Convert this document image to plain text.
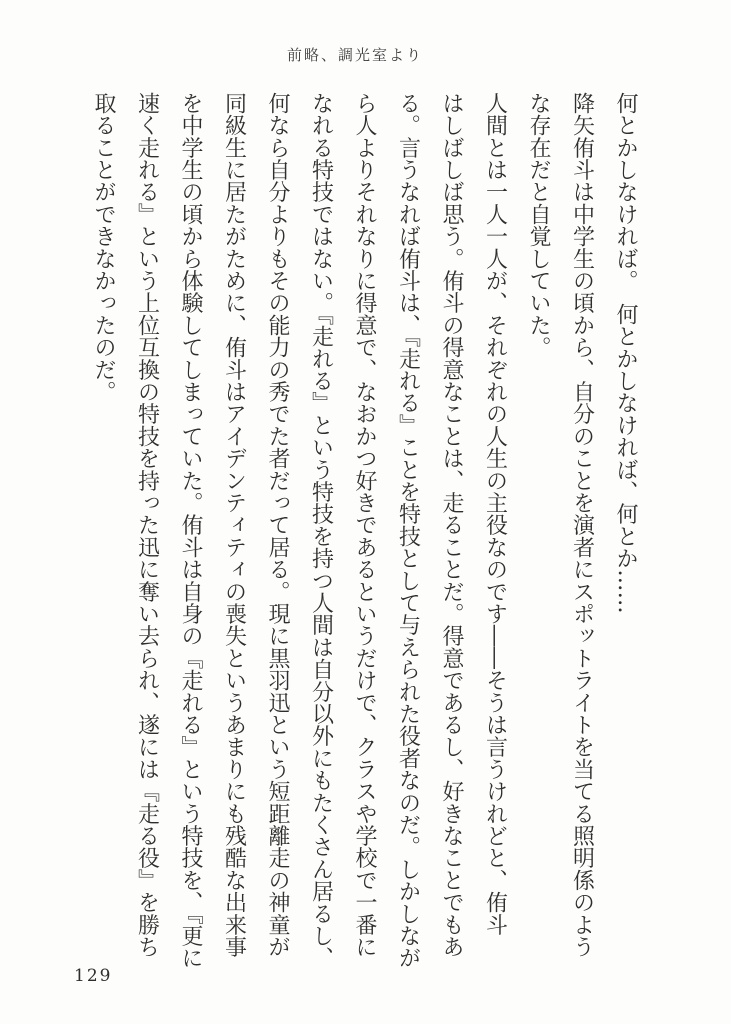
前略、調光室より
何とかしなければ。　何とかしなければ、何とか……
降矢侑斗は中学生の頃から、自分のことを演者にスポットライトを当てる照明係のよう
な存在だと自覚していた。
人間とは一人一人が、それぞれの人生の主役なのです――そうは言うけれどと、侑斗
はしばしば思う。侑斗の得意なことは、走ることだ。得意であるし、好きなことでもあ
る。言うなれば侑斗は、『走れる』ことを特技として与えられた役者なのだ。しかしなが
ら人よりそれなりに得意で、なおかつ好きであるというだけで、クラスや学校で一番に
なれる特技ではない。『走れる』という特技を持つ人間は自分以外にもたくさん居るし、
何なら自分よりもその能力の秀でた者だって居る。現に黒羽迅という短距離走の神童が
同級生に居たがために、侑斗はアイデンティティの喪失というあまりにも残酷な出来事
を中学生の頃から体験してしまっていた。侑斗は自身の『走れる』という特技を、『更に
速く走れる』という上位互換の特技を持った迅に奪い去られ、遂には『走る役』を勝ち
取ることができなかったのだ。
129
